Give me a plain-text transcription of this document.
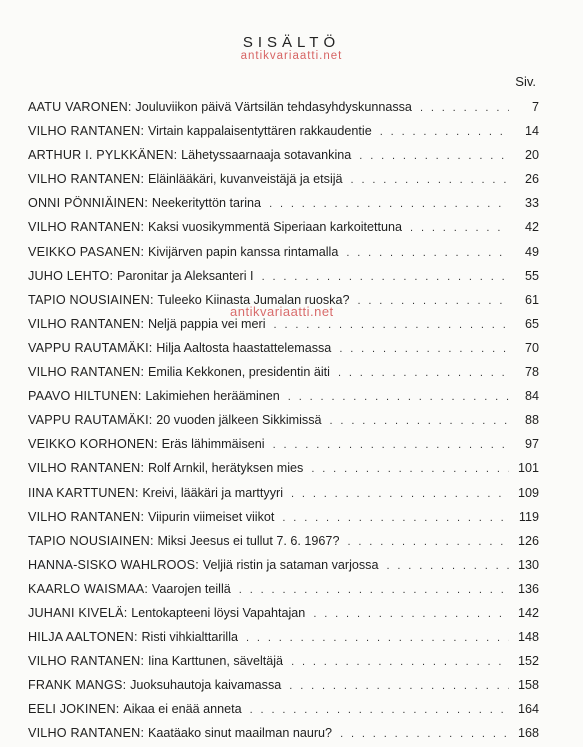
SISÄLTÖ
antikvariaatti.net
antikvariaatti.net
Siv.
AATU VARONEN : Jouluviikon päivä Värtsilän tehdasyhdyskunnassa . . .	7
VILHO RANTANEN : Virtain kappalaisentyttären rakkaudentie . . .	14
ARTHUR I. PYLKKÄNEN : Lähetyssaarnaaja sotavankina . . .	20
VILHO RANTANEN : Eläinlääkäri, kuvanveistäjä ja etsijä . . .	26
ONNI PÖNNIÄINEN : Neekerityttön tarina . . .	33
VILHO RANTANEN : Kaksi vuosikymmentä Siperiaan karkoitettuna . . .	42
VEIKKO PASANEN : Kivijärven papin kanssa rintamalla . . .	49
JUHO LEHTO : Paronitar ja Aleksanteri I . . .	55
TAPIO NOUSIAINEN : Tuleeko Kiinasta Jumalan ruoska? . . .	61
VILHO RANTANEN : Neljä pappia vei meri . . .	65
VAPPU RAUTAMÄKI : Hilja Aaltosta haastattelemassa . . .	70
VILHO RANTANEN : Emilia Kekkonen, presidentin äiti . . .	78
PAAVO HILTUNEN : Lakimiehen herääminen . . .	84
VAPPU RAUTAMÄKI : 20 vuoden jälkeen Sikkimissä . . .	88
VEIKKO KORHONEN : Eräs lähimmäiseni . . .	97
VILHO RANTANEN : Rolf Arnkil, herätyksen mies . . .	101
IINA KARTTUNEN : Kreivi, lääkäri ja marttyyri . . .	109
VILHO RANTANEN : Viipurin viimeiset viikot . . .	119
TAPIO NOUSIAINEN : Miksi Jeesus ei tullut 7. 6. 1967? . . .	126
HANNA-SISKO WAHLROOS : Veljiä ristin ja sataman varjossa . . .	130
KAARLO WAISMAA : Vaarojen teillä . . .	136
JUHANI KIVELÄ : Lentokapteeni löysi Vapahtajan . . .	142
HILJA AALTONEN : Risti vihkialttarilla . . .	148
VILHO RANTANEN : Iina Karttunen, säveltäjä . . .	152
FRANK MANGS : Juoksuhautoja kaivamassa . . .	158
EELI JOKINEN : Aikaa ei enää anneta . . .	164
VILHO RANTANEN : Kaatäako sinut maailman nauru? . . .	168
